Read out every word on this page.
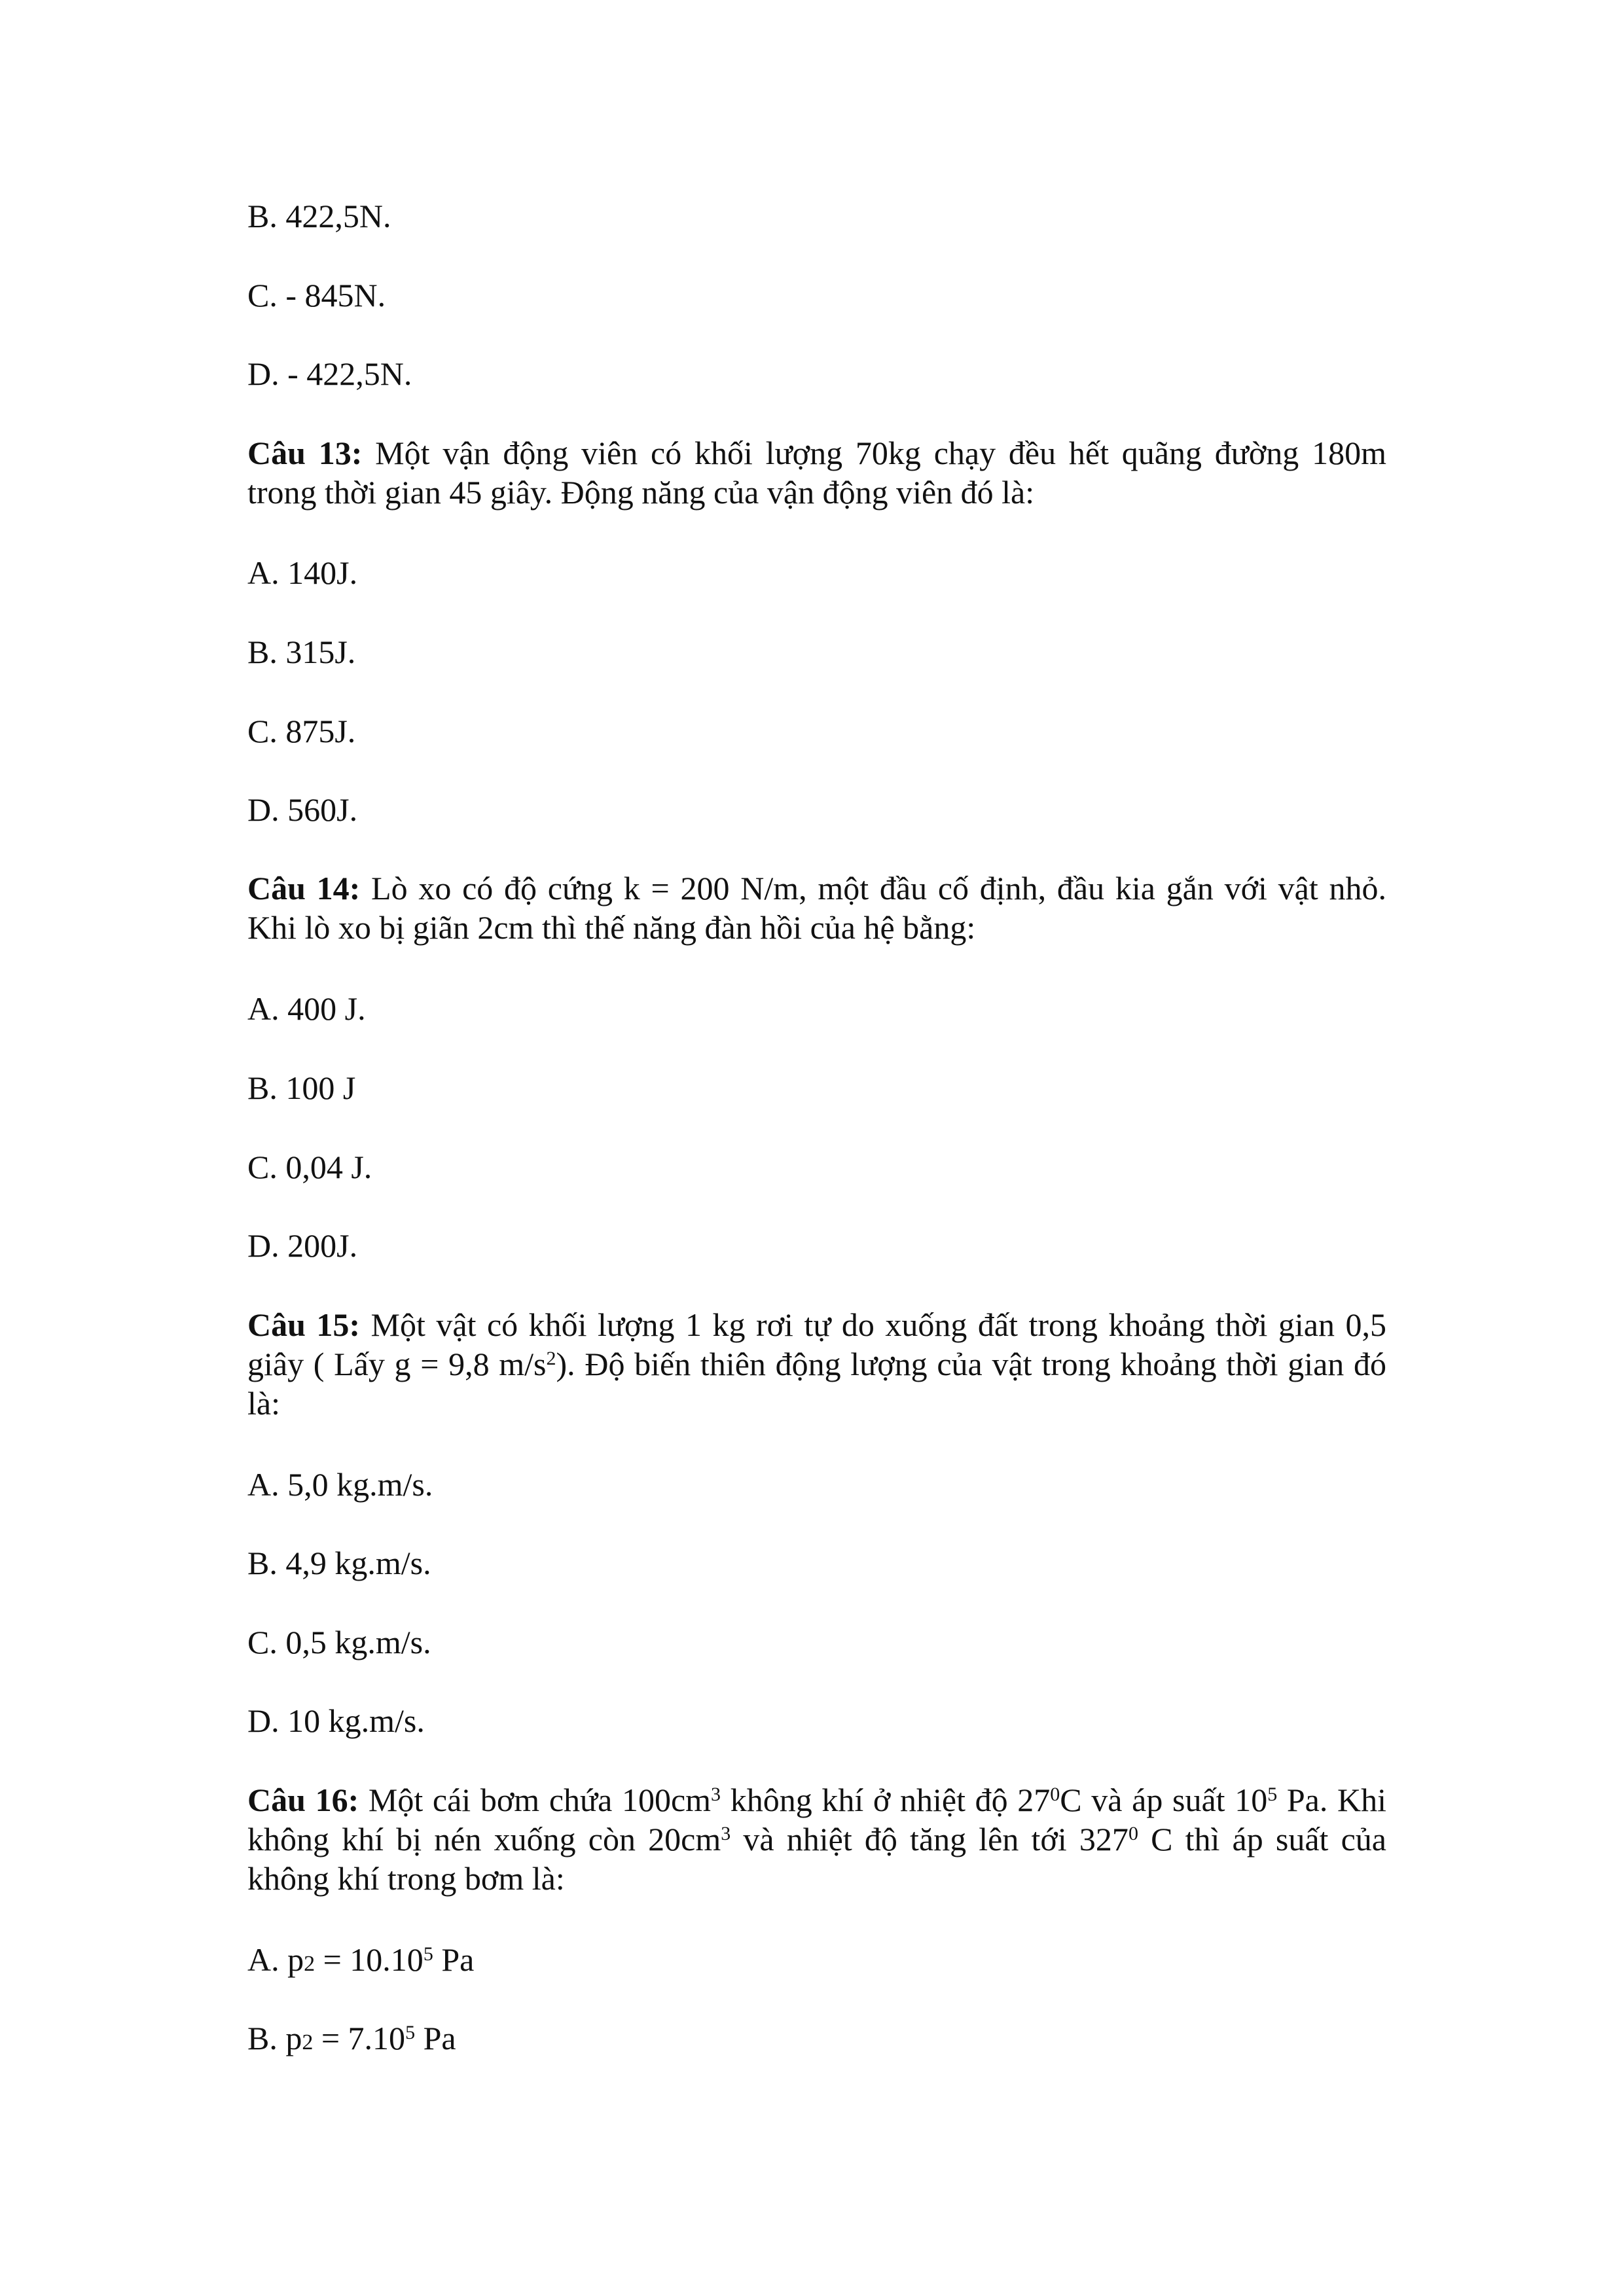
B. 422,5N.
C. - 845N.
D. - 422,5N.
Câu 13: Một vận động viên có khối lượng 70kg chạy đều hết quãng đường 180m trong thời gian 45 giây. Động năng của vận động viên đó là:
A. 140J.
B. 315J.
C. 875J.
D. 560J.
Câu 14: Lò xo có độ cứng k = 200 N/m, một đầu cố định, đầu kia gắn với vật nhỏ. Khi lò xo bị giãn 2cm thì thế năng đàn hồi của hệ bằng:
A. 400 J.
B. 100 J
C. 0,04 J.
D. 200J.
Câu 15: Một vật có khối lượng 1 kg rơi tự do xuống đất trong khoảng thời gian 0,5 giây ( Lấy g = 9,8 $m/s^2$). Độ biến thiên động lượng của vật trong khoảng thời gian đó là:
A. 5,0 kg.m/s.
B. 4,9 kg.m/s.
C. 0,5 kg.m/s.
D. 10 kg.m/s.
Câu 16: Một cái bơm chứa $100cm^3$ không khí ở nhiệt độ $27^0C$ và áp suất $10^5$ Pa. Khi không khí bị nén xuống còn $20cm^3$ và nhiệt độ tăng lên tới $327^0$ C thì áp suất của không khí trong bơm là:
A. $p2 = 10.10^5$ Pa
B. $p2 = 7.10^5$ Pa
